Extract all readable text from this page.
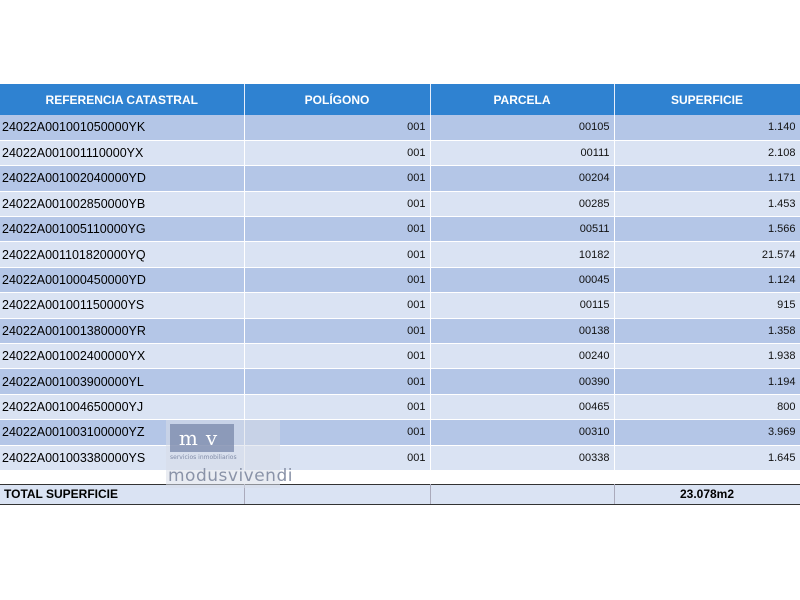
REFERENCIA CATASTRAL	POLÍGONO	PARCELA	SUPERFICIE
24022A001001050000YK	001	00105	1.140
24022A001001110000YX	001	00111	2.108
24022A001002040000YD	001	00204	1.171
24022A001002850000YB	001	00285	1.453
24022A001005110000YG	001	00511	1.566
24022A001101820000YQ	001	10182	21.574
24022A001000450000YD	001	00045	1.124
24022A001001150000YS	001	00115	915
24022A001001380000YR	001	00138	1.358
24022A001002400000YX	001	00240	1.938
24022A001003900000YL	001	00390	1.194
24022A001004650000YJ	001	00465	800
24022A001003100000YZ	001	00310	3.969
24022A001003380000YS	001	00338	1.645

TOTAL SUPERFICIE			23.078m2
mv
servicios inmobiliarios
modusvivendi
